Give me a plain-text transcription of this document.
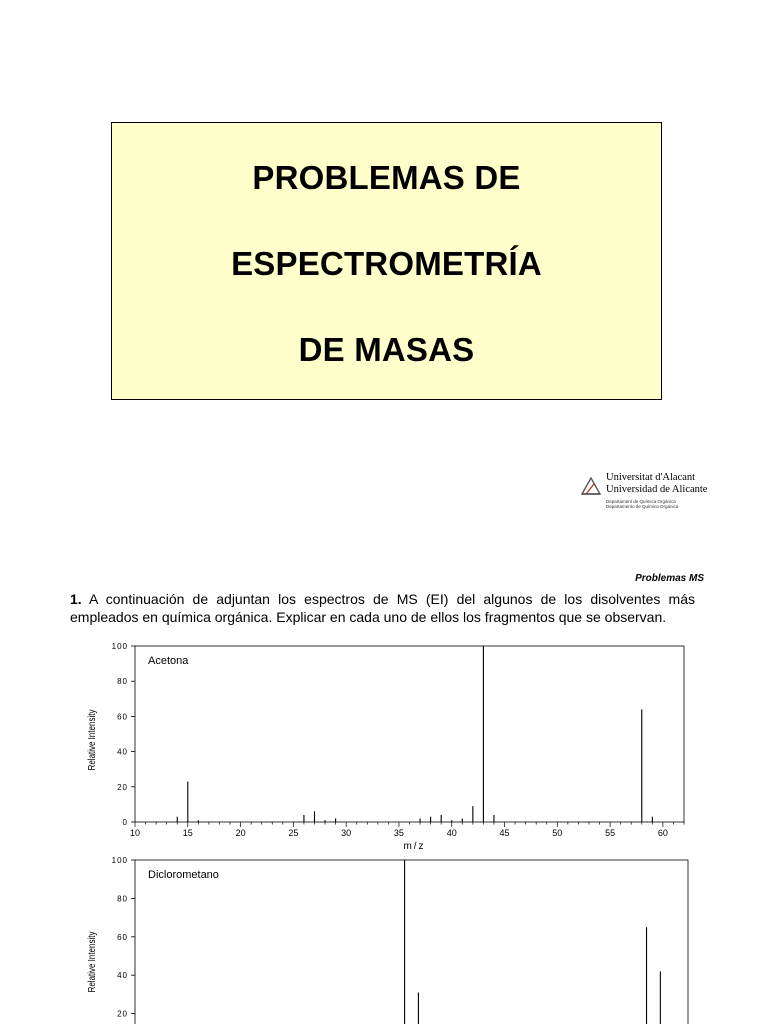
PROBLEMAS DE
ESPECTROMETRÍA
DE MASAS
Universitat d'Alacant
Universidad de Alicante
Departament de Química Orgànica
Departamento de Química Orgánica
Problemas MS
1. A continuación de adjuntan los espectros de MS (EI) del algunos de los disolventes más empleados en química orgánica. Explicar en cada uno de ellos los fragmentos que se observan.
0
20
40
60
80
100
10	15	20	25	30	35	40	45	50	55	60
Acetona
m/z
Relative Intensity
20
40
60
80
100
Diclorometano
Relative Intensity
